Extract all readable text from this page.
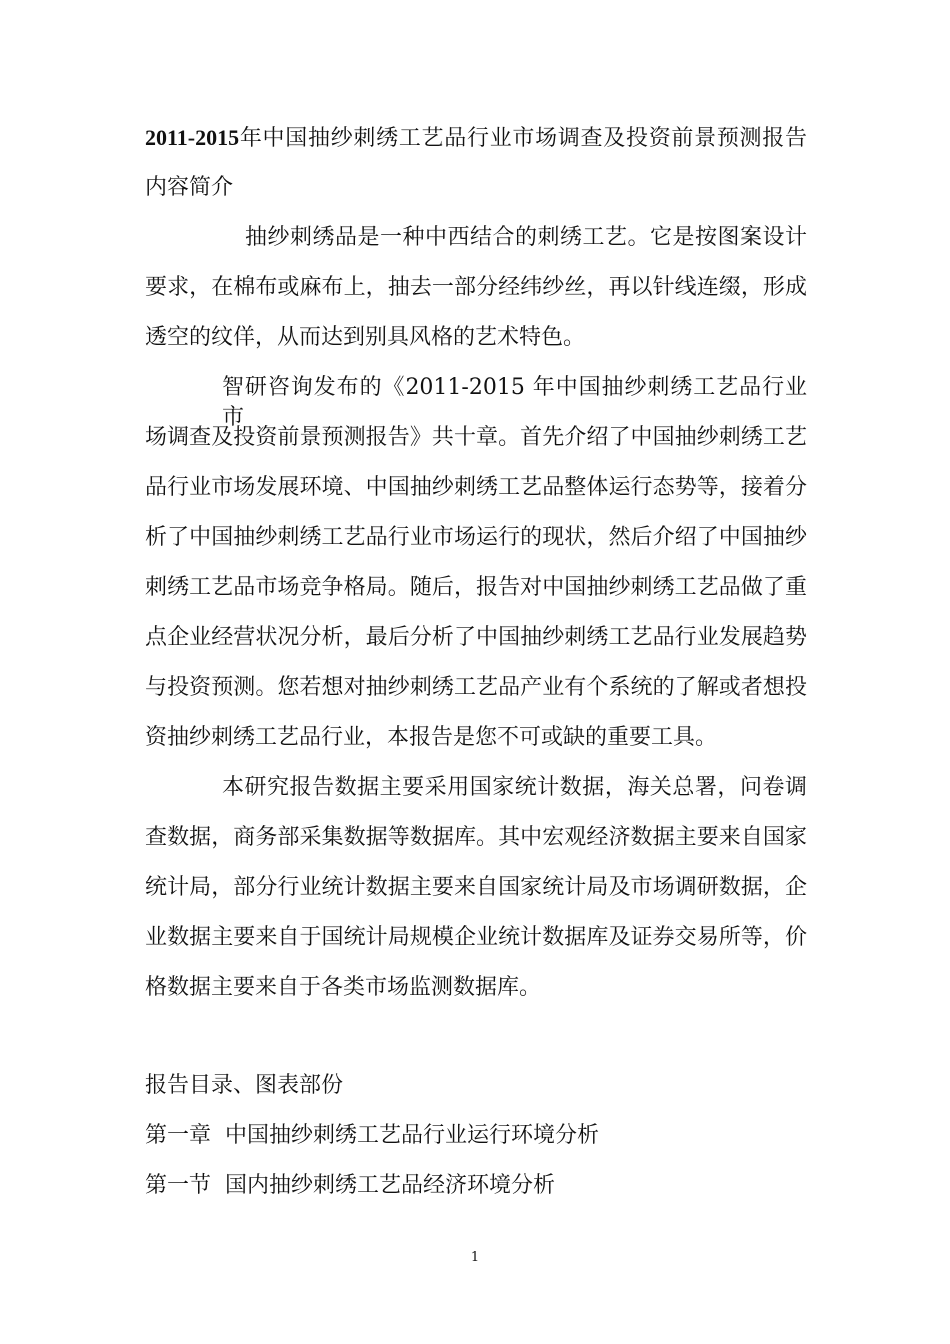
2011-2015年中国抽纱刺绣工艺品行业市场调查及投资前景预测报告
内容简介
抽纱刺绣品是一种中西结合的刺绣工艺。它是按图案设计
要求，在棉布或麻布上，抽去一部分经纬纱丝，再以针线连缀，形成
透空的纹佯，从而达到别具风格的艺术特色。
智研咨询发布的《2011-2015 年中国抽纱刺绣工艺品行业市
场调查及投资前景预测报告》共十章。首先介绍了中国抽纱刺绣工艺
品行业市场发展环境、中国抽纱刺绣工艺品整体运行态势等，接着分
析了中国抽纱刺绣工艺品行业市场运行的现状，然后介绍了中国抽纱
刺绣工艺品市场竞争格局。随后，报告对中国抽纱刺绣工艺品做了重
点企业经营状况分析，最后分析了中国抽纱刺绣工艺品行业发展趋势
与投资预测。您若想对抽纱刺绣工艺品产业有个系统的了解或者想投
资抽纱刺绣工艺品行业，本报告是您不可或缺的重要工具。
本研究报告数据主要采用国家统计数据，海关总署，问卷调
查数据，商务部采集数据等数据库。其中宏观经济数据主要来自国家
统计局，部分行业统计数据主要来自国家统计局及市场调研数据，企
业数据主要来自于国统计局规模企业统计数据库及证券交易所等，价
格数据主要来自于各类市场监测数据库。
报告目录、图表部份
第一章  中国抽纱刺绣工艺品行业运行环境分析
第一节  国内抽纱刺绣工艺品经济环境分析
1
